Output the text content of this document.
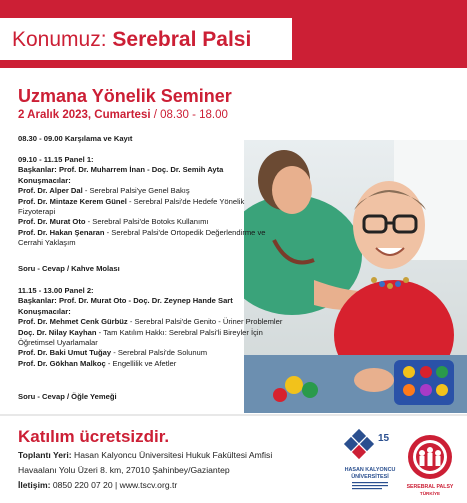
Konumuz: Serebral Palsi
Uzmana Yönelik Seminer
2 Aralık 2023, Cumartesi / 08.30 - 18.00
08.30 - 09.00 Karşılama ve Kayıt
09.10 - 11.15 Panel 1:
Başkanlar: Prof. Dr. Muharrem İnan - Doç. Dr. Semih Ayta
Konuşmacılar:
Prof. Dr. Alper Dal - Serebral Palsi'ye Genel Bakış
Prof. Dr. Mintaze Kerem Günel - Serebral Palsi'de Hedefe Yönelik Fizyoterapi
Prof. Dr. Murat Oto - Serebral Palsi'de Botoks Kullanımı
Prof. Dr. Hakan Şenaran - Serebral Palsi'de Ortopedik Değerlendirme ve Cerrahi Yaklaşım
Soru - Cevap / Kahve Molası
11.15 - 13.00 Panel 2:
Başkanlar: Prof. Dr. Murat Oto - Doç. Dr. Zeynep Hande Sart
Konuşmacılar:
Prof. Dr. Mehmet Cenk Gürbüz - Serebral Palsi'de Genito - Üriner Problemler
Doç. Dr. Nilay Kayhan - Tam Katılım Hakkı: Serebral Palsi'li Bireyler İçin Öğretimsel Uyarlamalar
Prof. Dr. Baki Umut Tuğay - Serebral Palsi'de Solunum
Prof. Dr. Gökhan Malkoç - Engellilik ve Afetler
Soru - Cevap / Öğle Yemeği
Katılım ücretsizdir.
Toplantı Yeri: Hasan Kalyoncu Üniversitesi Hukuk Fakültesi Amfisi
Havaalanı Yolu Üzeri 8. km, 27010 Şahinbey/Gaziantep
İletişim: 0850 220 07 20 | www.tscv.org.tr
15
HASAN KALYONCU
ÜNİVERSİTESİ
SEREBRAL PALSY
TÜRKİYE
